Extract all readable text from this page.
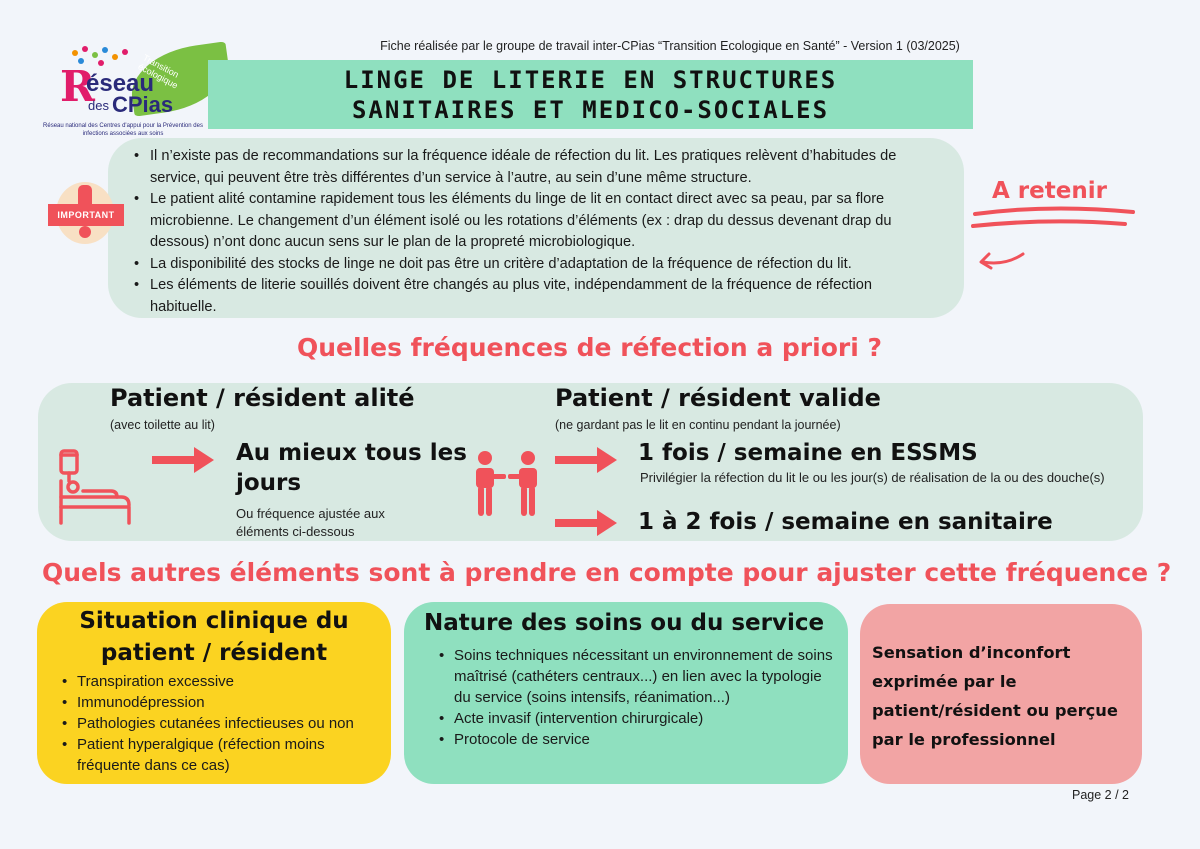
Transition écologique
R
éseau
des CPias
Réseau national des Centres d'appui pour la Prévention des infections associées aux soins
Fiche réalisée par le groupe de travail inter-CPias “Transition Ecologique en Santé” - Version 1 (03/2025)
LINGE DE LITERIE EN STRUCTURES
SANITAIRES ET MEDICO-SOCIALES
• Il n’existe pas de recommandations sur la fréquence idéale de réfection du lit. Les pratiques relèvent d’habitudes de service, qui peuvent être très différentes d’un service à l’autre, au sein d’une même structure.
• Le patient alité contamine rapidement tous les éléments du linge de lit en contact direct avec sa peau, par sa flore microbienne. Le changement d’un élément isolé ou les rotations d’éléments (ex : drap du dessus devenant drap du dessous) n’ont donc aucun sens sur le plan de la propreté microbiologique.
• La disponibilité des stocks de linge ne doit pas être un critère d’adaptation de la fréquence de réfection du lit.
• Les éléments de literie souillés doivent être changés au plus vite, indépendamment de la fréquence de réfection habituelle.
IMPORTANT
A retenir
Quelles fréquences de réfection a priori ?
Patient / résident alité
(avec toilette au lit)
Au mieux tous les
jours
Ou fréquence ajustée aux éléments ci-dessous
Patient / résident valide
(ne gardant pas le lit en continu pendant la journée)
1 fois / semaine en ESSMS
Privilégier la réfection du lit le ou les jour(s) de réalisation de la ou des douche(s)
1 à 2 fois / semaine en sanitaire
Quels autres éléments sont à prendre en compte pour ajuster cette fréquence ?
Situation clinique du
patient / résident
• Transpiration excessive
• Immunodépression
• Pathologies cutanées infectieuses ou non
• Patient hyperalgique (réfection moins fréquente dans ce cas)
Nature des soins ou du service
• Soins techniques nécessitant un environnement de soins maîtrisé (cathéters centraux...) en lien avec la typologie du service (soins intensifs, réanimation...)
• Acte invasif (intervention chirurgicale)
• Protocole de service
Sensation d’inconfort
exprimée par le
patient/résident ou perçue
par le professionnel
Page 2 / 2
